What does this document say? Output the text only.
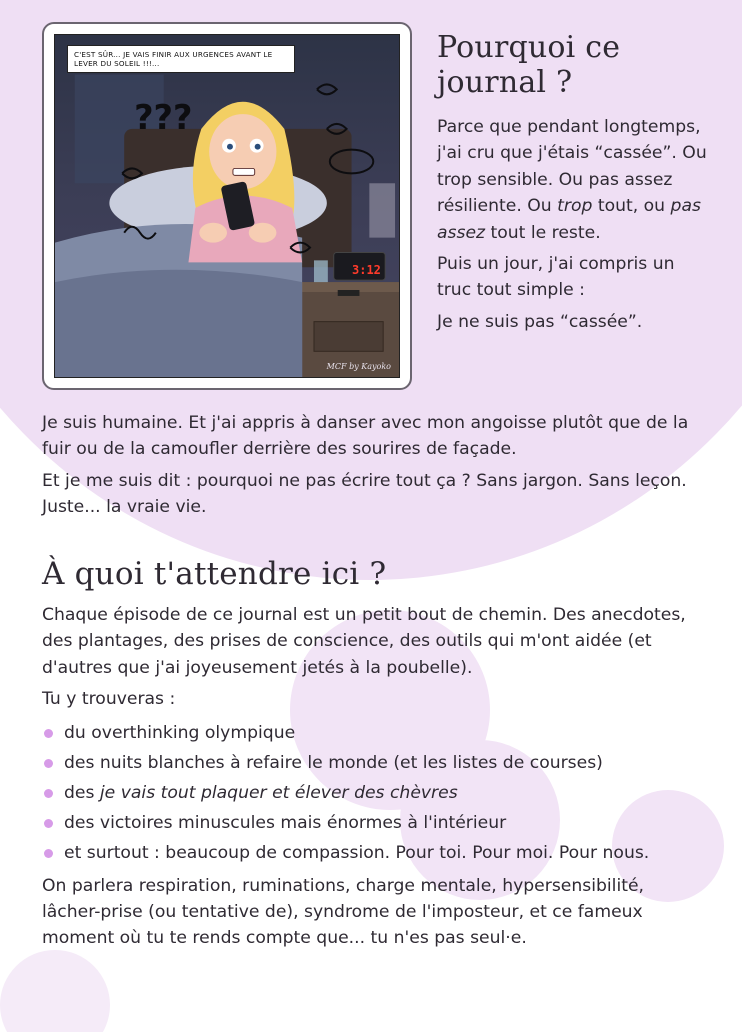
???
C'EST SÛR... JE VAIS FINIR AUX URGENCES AVANT LE LEVER DU SOLEIL !!!...
3:12
MCF by Kayoko
Pourquoi ce journal ?

Parce que pendant longtemps, j'ai cru que j'étais “cassée”. Ou trop sensible. Ou pas assez résiliente. Ou trop tout, ou pas assez tout le reste.

Puis un jour, j'ai compris un truc tout simple :

Je ne suis pas “cassée”.

Je suis humaine. Et j'ai appris à danser avec mon angoisse plutôt que de la fuir ou de la camoufler derrière des sourires de façade.

Et je me suis dit : pourquoi ne pas écrire tout ça ? Sans jargon. Sans leçon. Juste... la vraie vie.

À quoi t'attendre ici ?

Chaque épisode de ce journal est un petit bout de chemin. Des anecdotes, des plantages, des prises de conscience, des outils qui m'ont aidée (et d'autres que j'ai joyeusement jetés à la poubelle).

Tu y trouveras :

du overthinking olympique
des nuits blanches à refaire le monde (et les listes de courses)
des je vais tout plaquer et élever des chèvres
des victoires minuscules mais énormes à l'intérieur
et surtout : beaucoup de compassion. Pour toi. Pour moi. Pour nous.

On parlera respiration, ruminations, charge mentale, hypersensibilité, lâcher-prise (ou tentative de), syndrome de l'imposteur, et ce fameux moment où tu te rends compte que... tu n'es pas seul·e.
